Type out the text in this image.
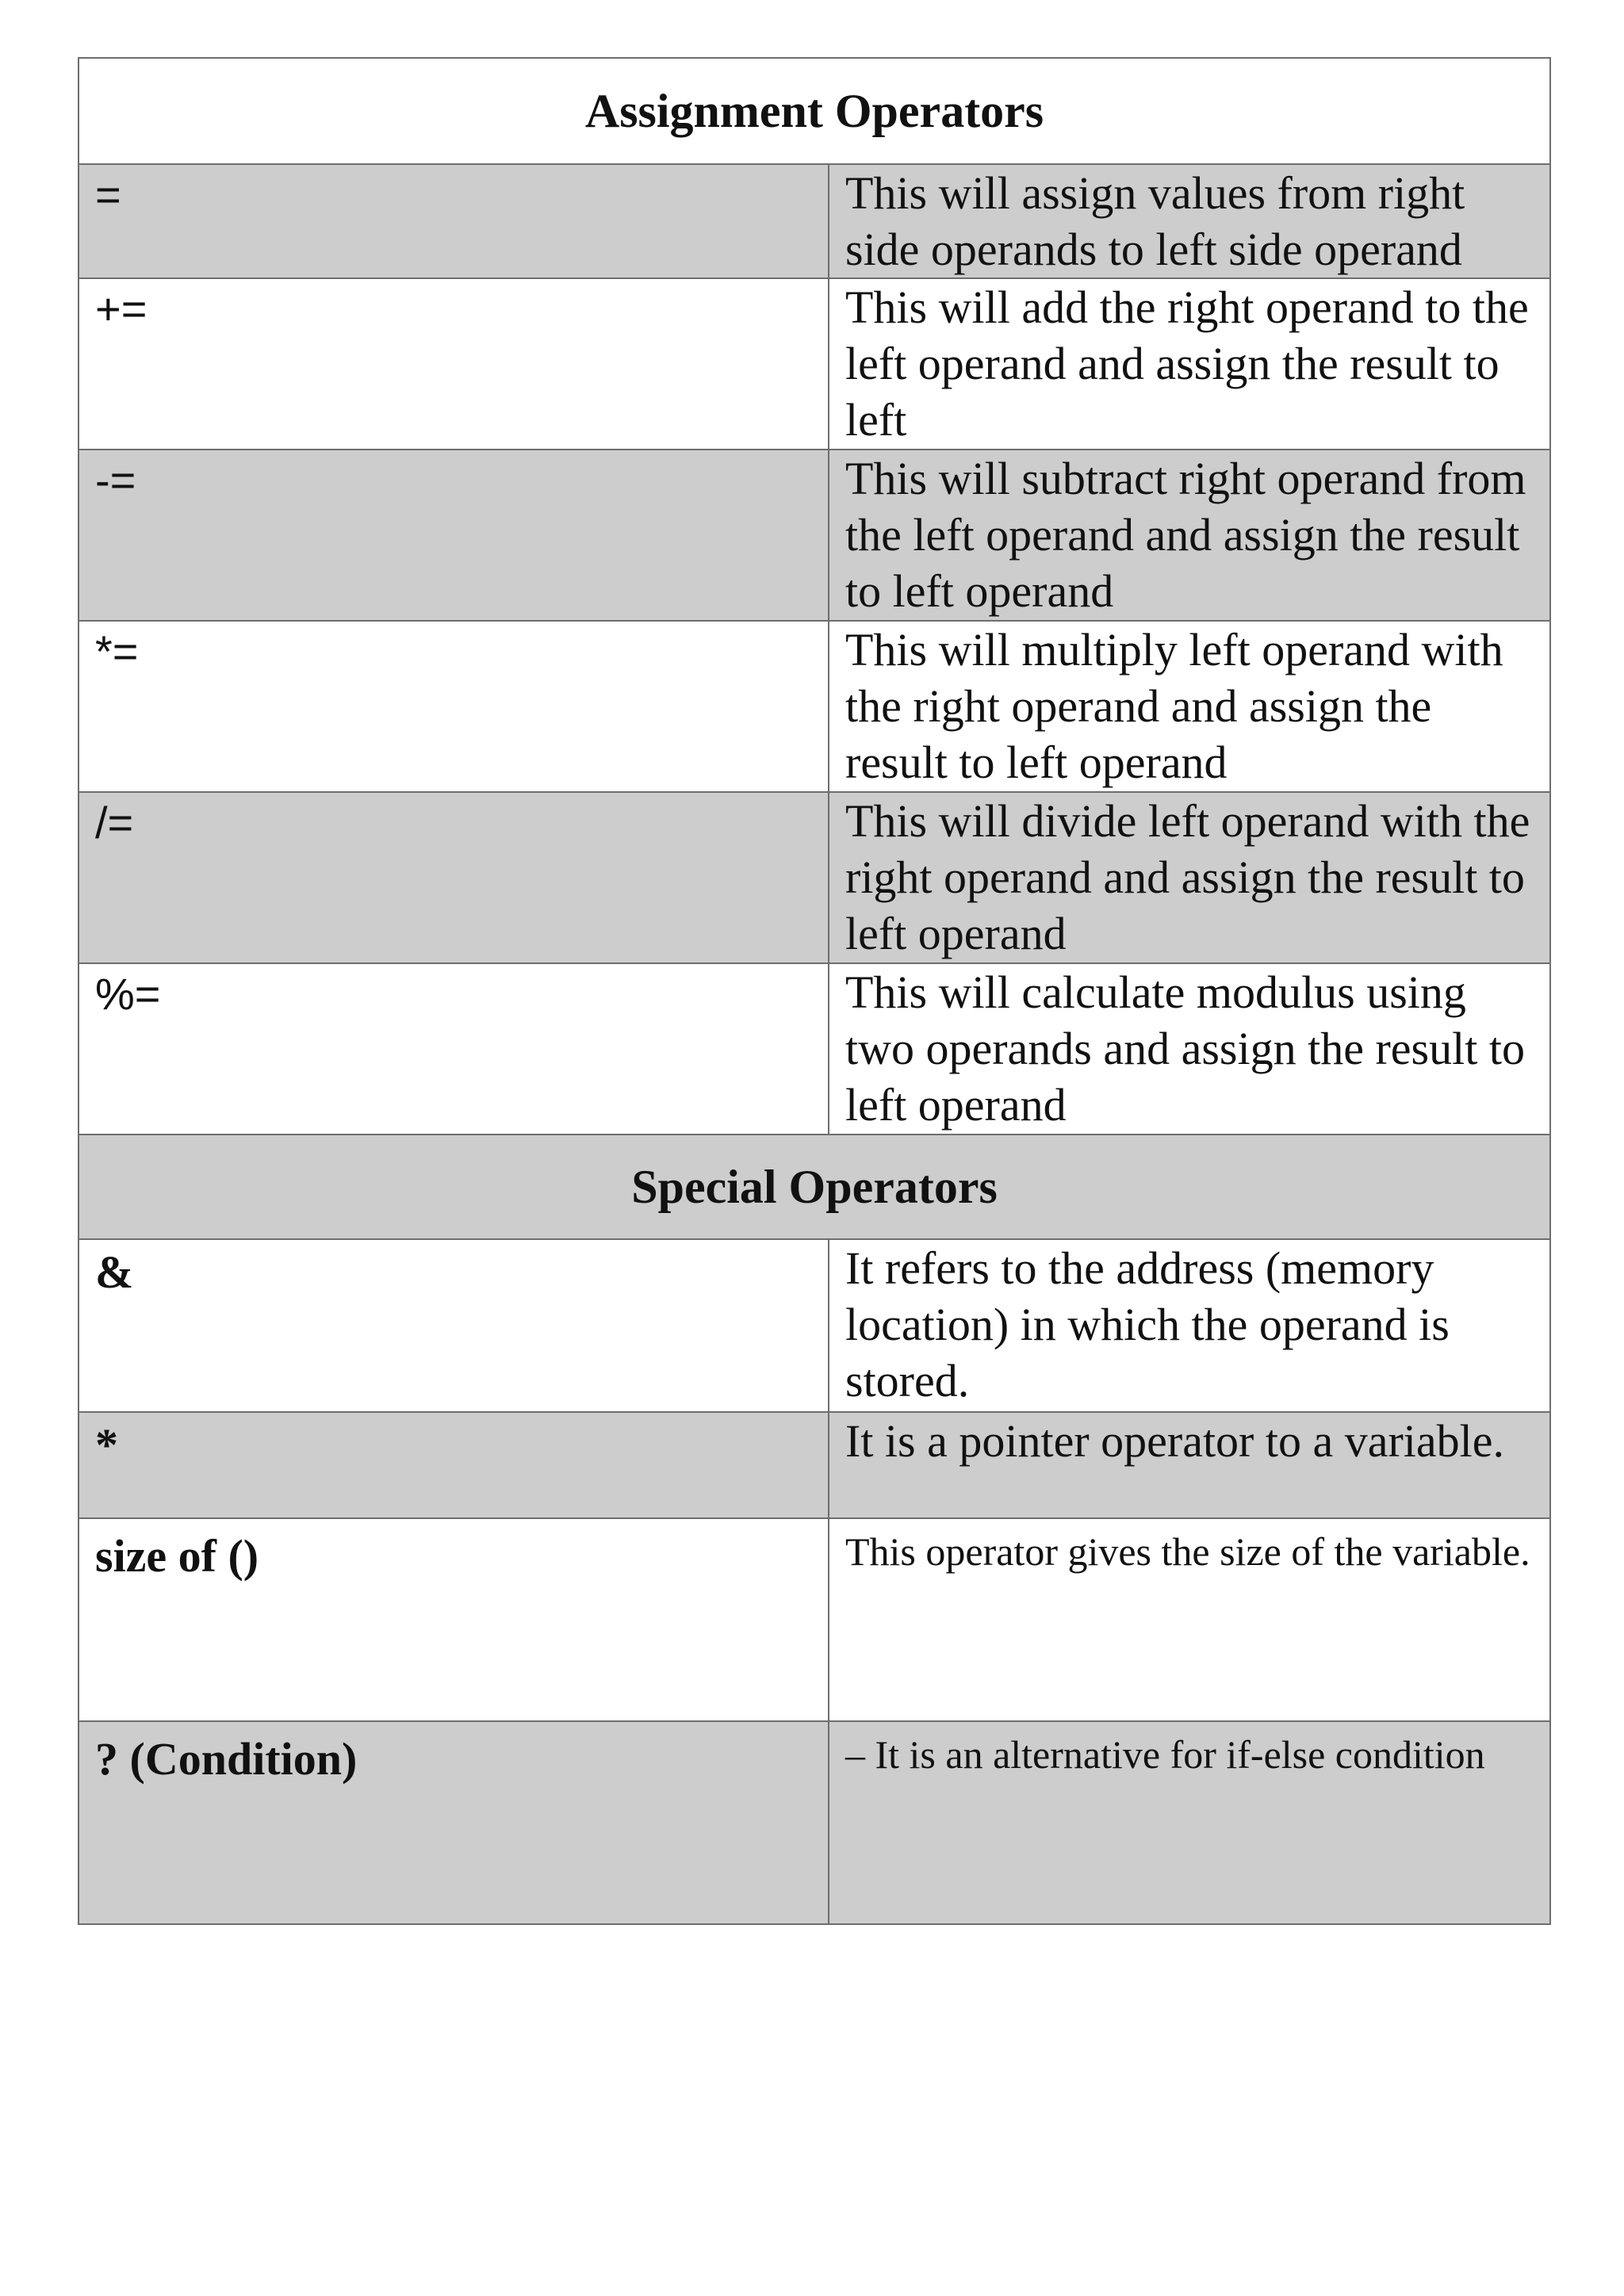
Assignment Operators	
=	This will assign values from right side operands to left side operand
+=	This will add the right operand to the left operand and assign the result to left
-=	This will subtract right operand from the left operand and assign the result to left operand
*=	This will multiply left operand with the right operand and assign the result to left operand
/=	This will divide left operand with the right operand and assign the result to left operand
%=	This will calculate modulus using two operands and assign the result to left operand
Special Operators	
&	It refers to the address (memory location) in which the operand is stored.
*	It is a pointer operator to a variable.
size of ()	This operator gives the size of the variable.

? (Condition)	– It is an alternative for if-else condition
